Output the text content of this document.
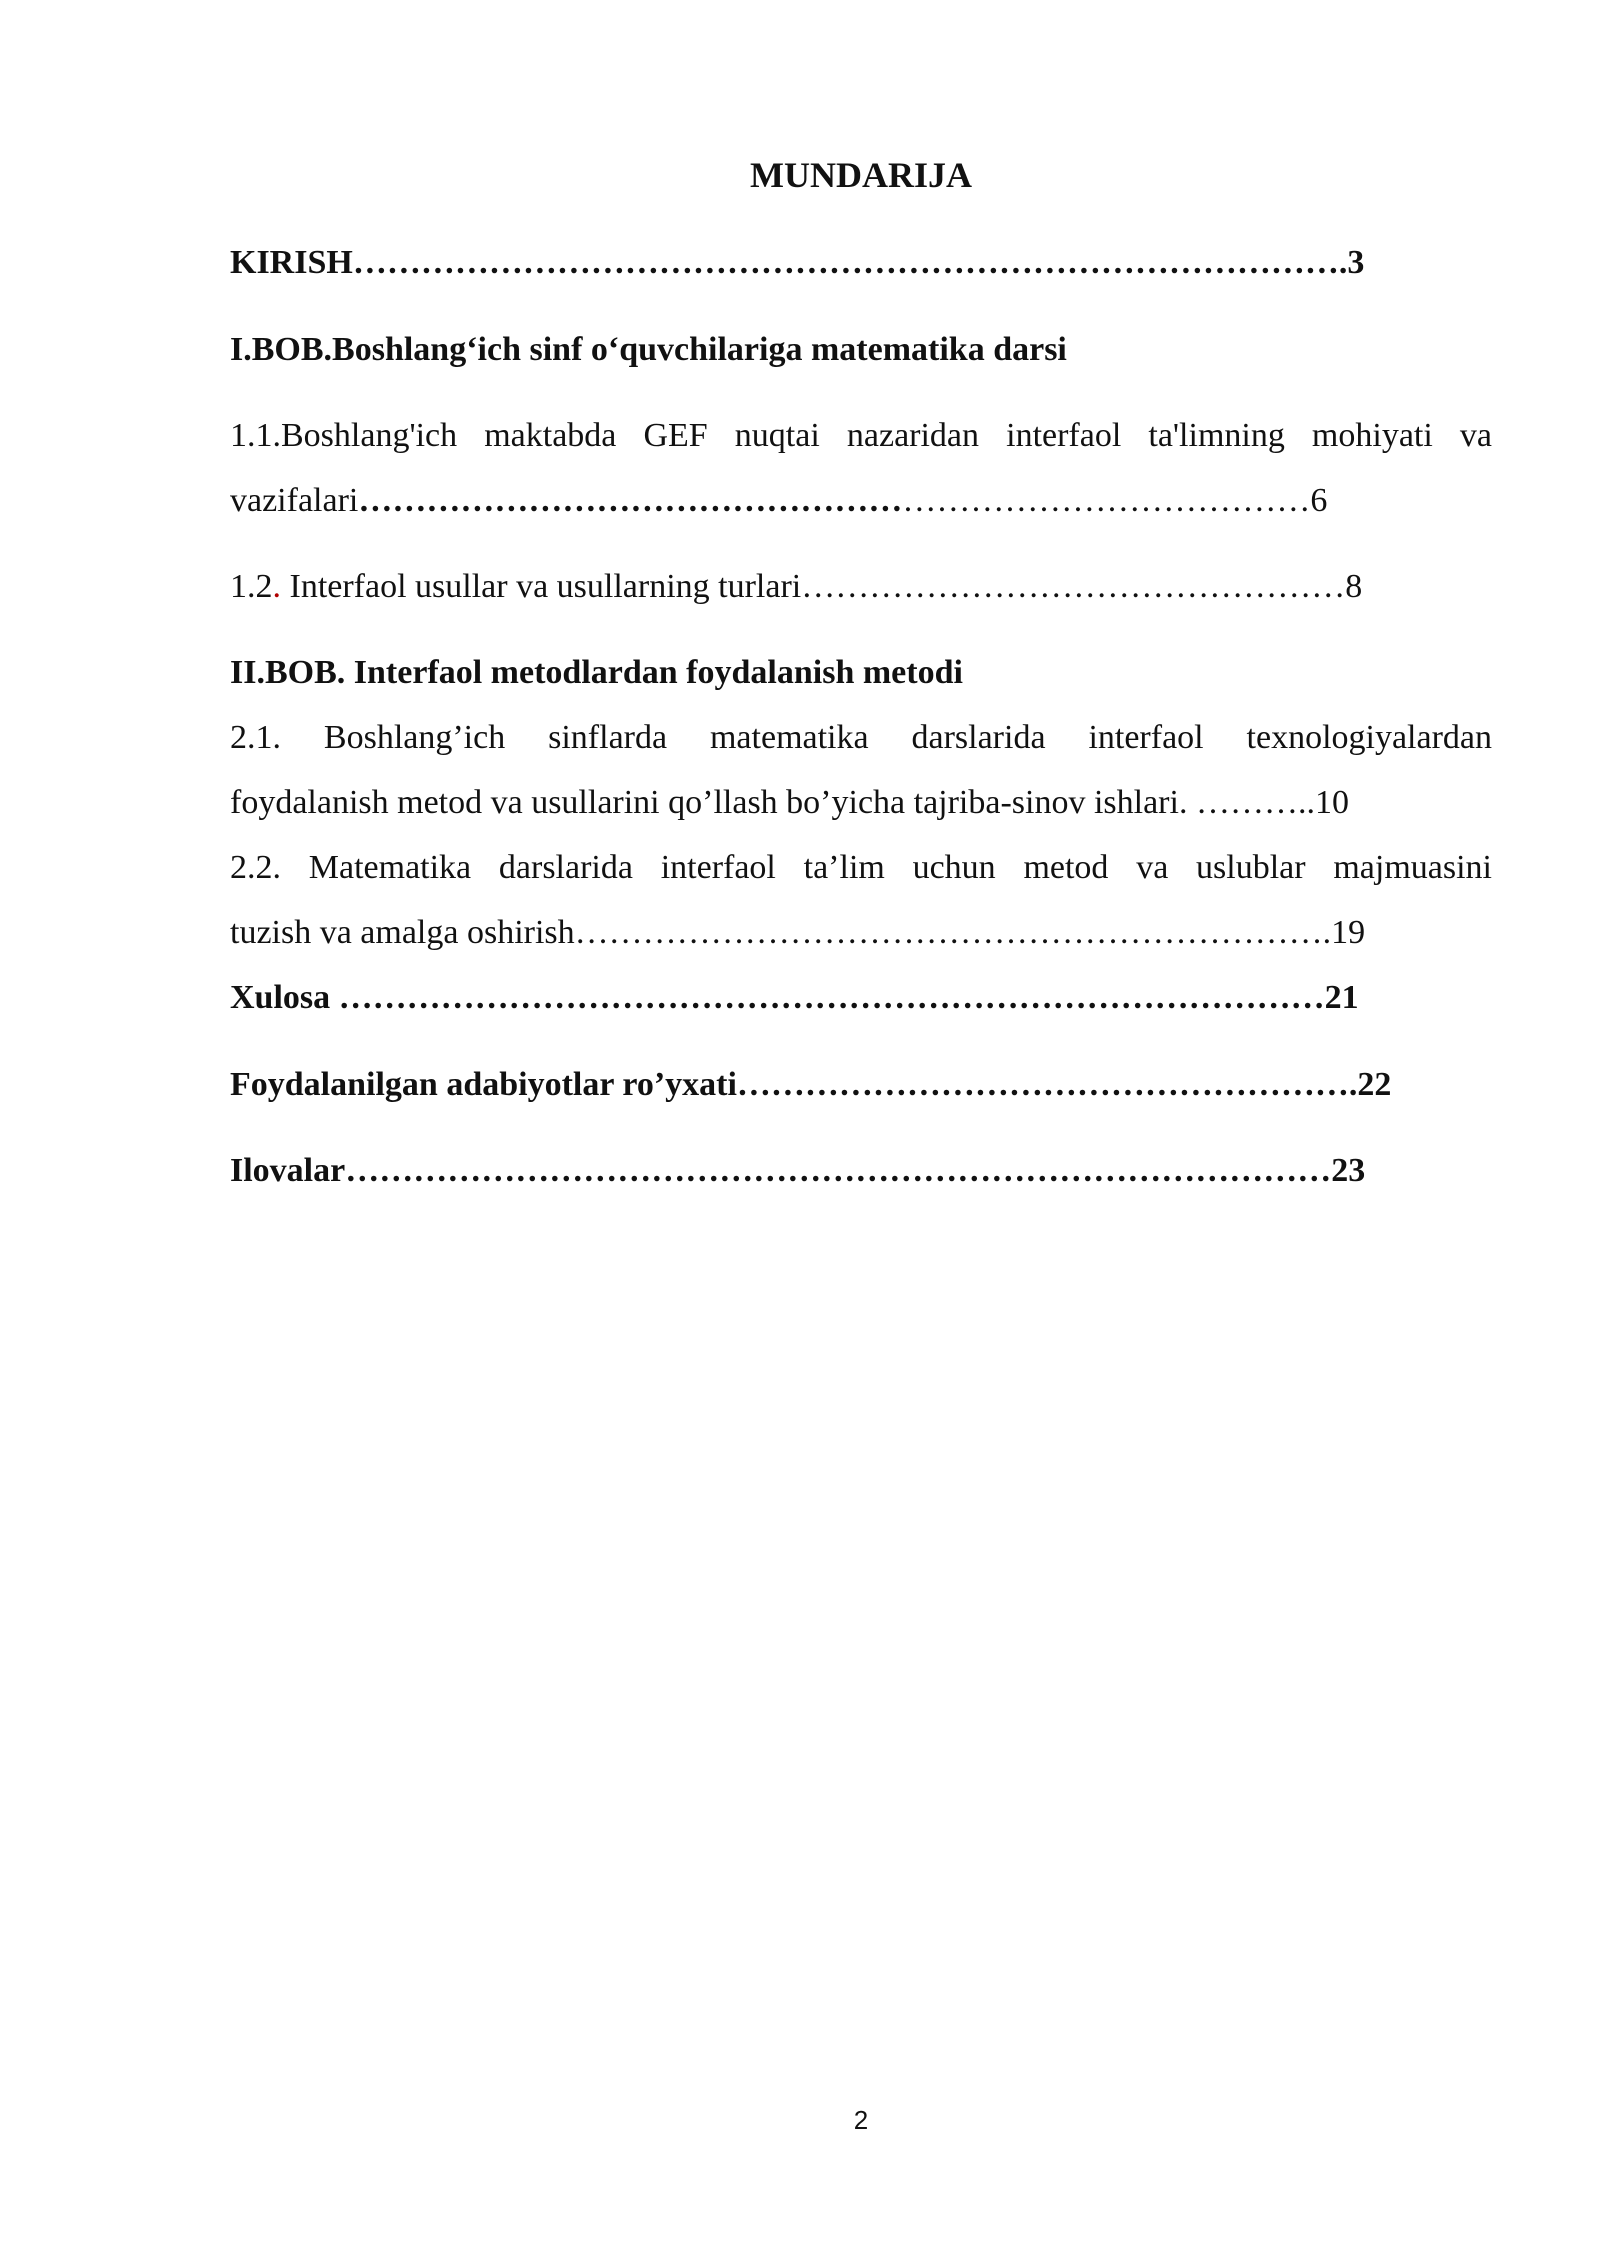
MUNDARIJA
KIRISH…………………………………………………………………………….3
I.BOB.Boshlang‘ich sinf o‘quvchilariga matematika darsi
1.1.Boshlang'ich maktabda GEF nuqtai nazaridan interfaol ta'limning mohiyati va
vazifalari…………………………………………………………………………6
1.2. Interfaol usullar va usullarning turlari…………………………………………8
II.BOB. Interfaol metodlardan foydalanish metodi
2.1. Boshlang’ich sinflarda matematika darslarida interfaol texnologiyalardan
foydalanish metod va usullarini qo’llash bo’yicha tajriba-sinov ishlari. ………..10
2.2. Matematika darslarida interfaol ta’lim uchun metod va uslublar majmuasini
tuzish va amalga oshirish………………………………………………………….19
Xulosa ……………………………………………………………………………21
Foydalanilgan adabiyotlar ro’yxati……………………………………………….22
Ilovalar……………………………………………………………………………23
2
